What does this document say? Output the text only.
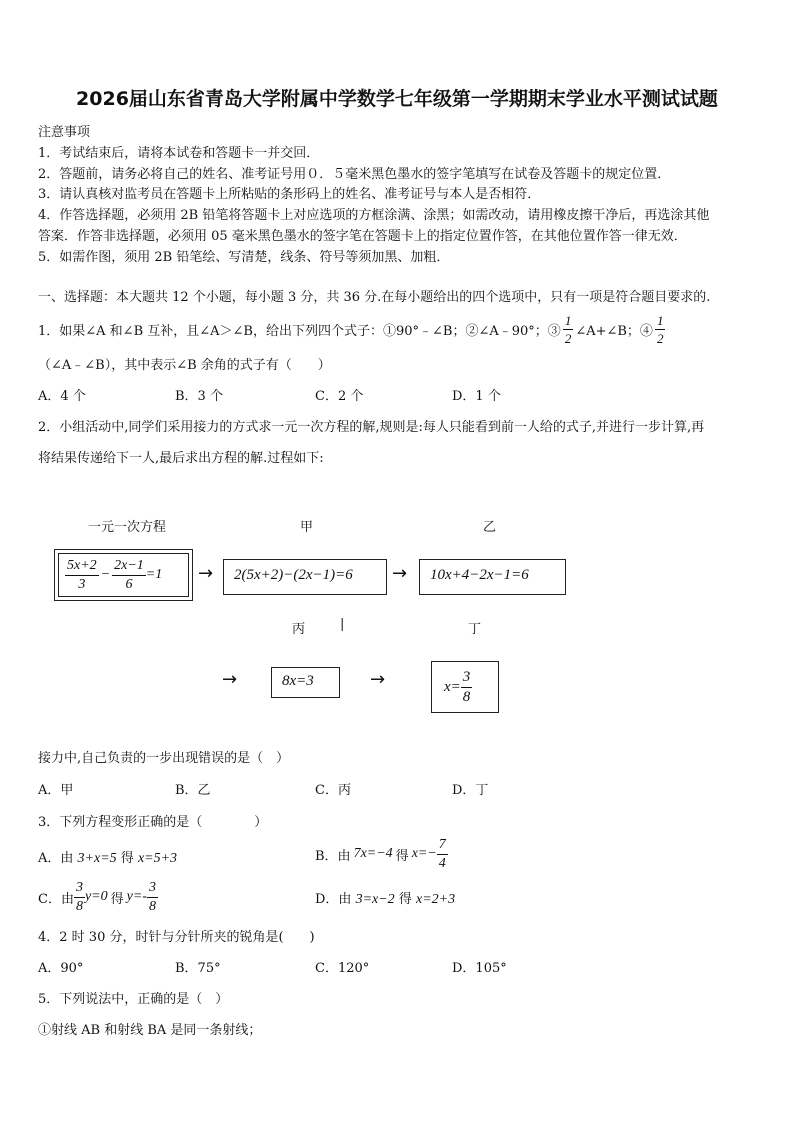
2026届山东省青岛大学附属中学数学七年级第一学期期末学业水平测试试题
注意事项
1．考试结束后，请将本试卷和答题卡一并交回．
2．答题前，请务必将自己的姓名、准考证号用０．５毫米黑色墨水的签字笔填写在试卷及答题卡的规定位置．
3．请认真核对监考员在答题卡上所粘贴的条形码上的姓名、准考证号与本人是否相符．
4．作答选择题，必须用 2B 铅笔将答题卡上对应选项的方框涂满、涂黑；如需改动，请用橡皮擦干净后，再选涂其他
答案．作答非选择题，必须用 05 毫米黑色墨水的签字笔在答题卡上的指定位置作答，在其他位置作答一律无效．
5．如需作图，须用 2B 铅笔绘、写清楚，线条、符号等须加黑、加粗．
一、选择题：本大题共 12 个小题，每小题 3 分，共 36 分.在每小题给出的四个选项中，只有一项是符合题目要求的.
1．如果∠A 和∠B 互补，且∠A＞∠B，给出下列四个式子：①90°﹣∠B；②∠A﹣90°；③ $\frac{1}{2}$ ∠A+∠B；④ $\frac{1}{2}$
（∠A﹣∠B），其中表示∠B 余角的式子有（　　）
A．4 个	B．3 个	C．2 个	D．1 个
2．小组活动中,同学们采用接力的方式求一元一次方程的解,规则是:每人只能看到前一人给的式子,并进行一步计算,再
将结果传递给下一人,最后求出方程的解.过程如下:
一元一次方程	甲	乙
$\frac{5x+2}{3} - \frac{2x-1}{6} =1 \to 2(5x+2)-(2x-1)=6 \to 10x+4-2x-1=6$
丙	|	丁
→	8x=3	→	$x= \frac{3}{8}$
接力中,自己负责的一步出现错误的是（　）
A．甲	B．乙	C．丙	D．丁
3．下列方程变形正确的是（　　　　）
A．由 3+x=5 得 x=5+3	B．由 7x=−4 得 $x=- \frac{7}{4}$
C．由 $\frac{3}{8} y=0$ 得 $y=- \frac{3}{8}$	D．由 3=x−2 得 x=2+3
4．2 时 30 分，时针与分针所夹的锐角是(　　)
A．90°	B．75°	C．120°	D．105°
5．下列说法中，正确的是（　）
①射线 AB 和射线 BA 是同一条射线；
